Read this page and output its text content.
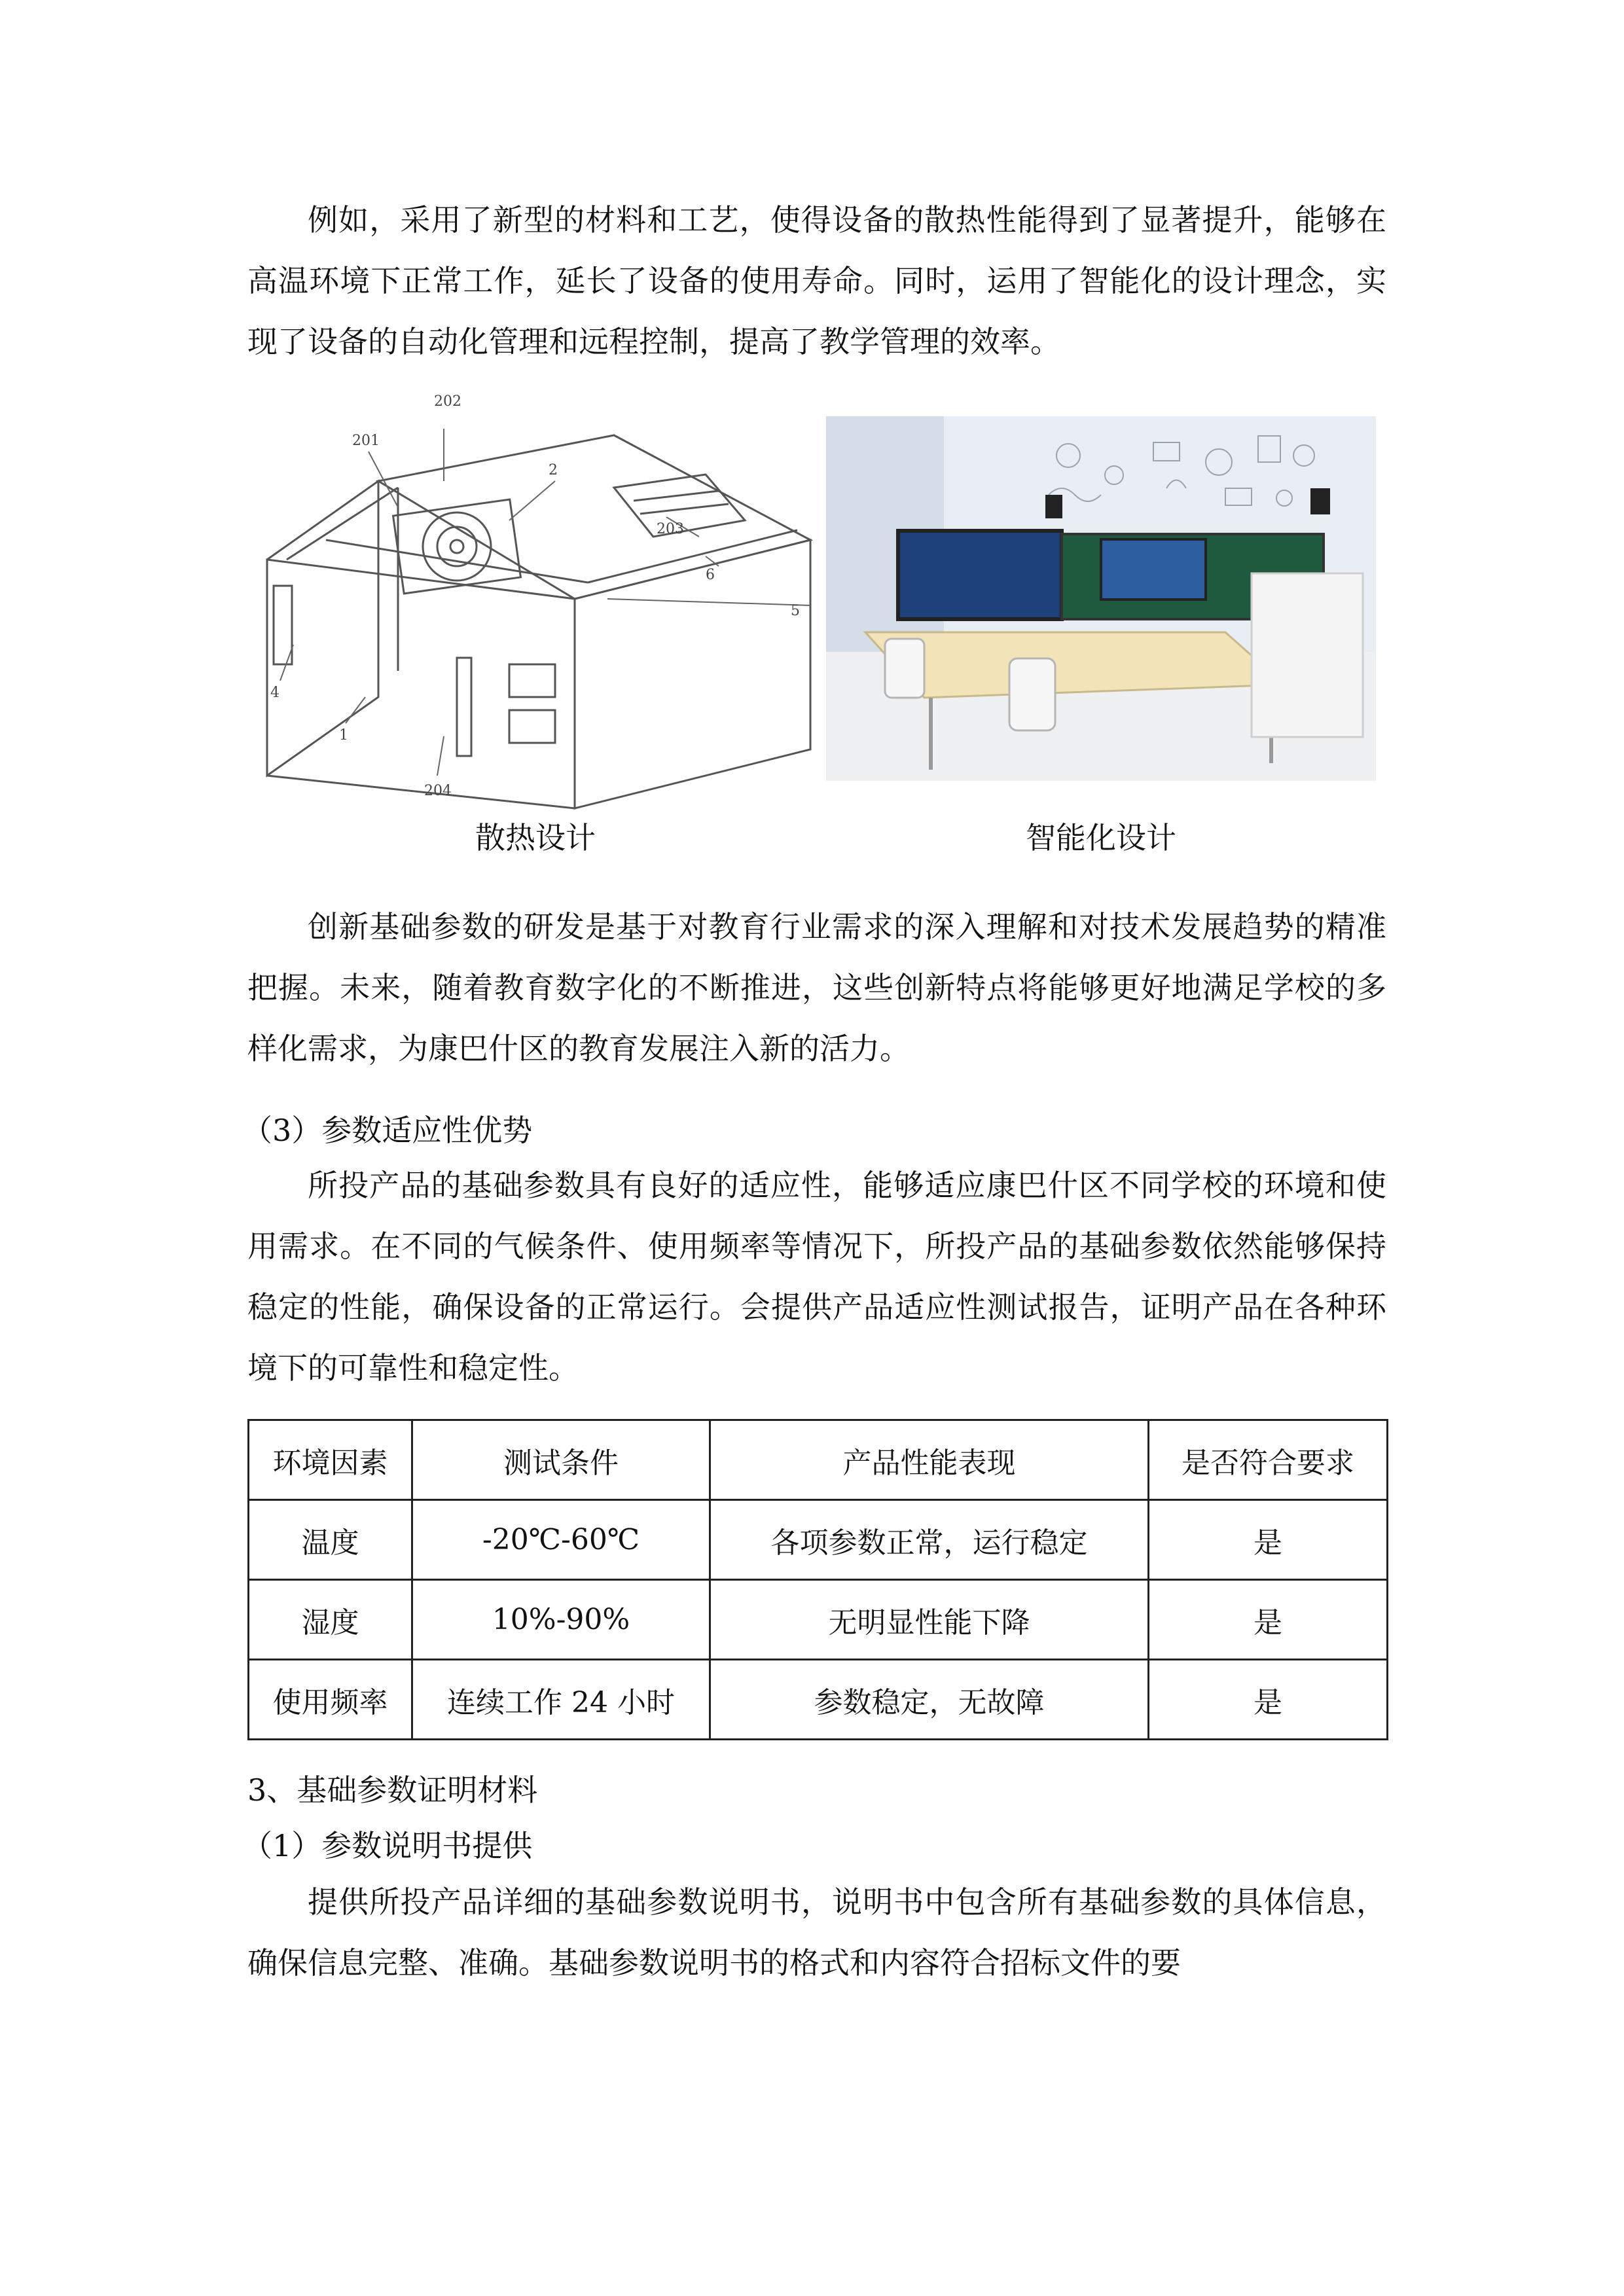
例如，采用了新型的材料和工艺，使得设备的散热性能得到了显著提升，能够在高温环境下正常工作，延长了设备的使用寿命。同时，运用了智能化的设计理念，实现了设备的自动化管理和远程控制，提高了教学管理的效率。

202
201
2
203
6
5
4
1
204
散热设计	智能化设计

创新基础参数的研发是基于对教育行业需求的深入理解和对技术发展趋势的精准把握。未来，随着教育数字化的不断推进，这些创新特点将能够更好地满足学校的多样化需求，为康巴什区的教育发展注入新的活力。

（3）参数适应性优势

所投产品的基础参数具有良好的适应性，能够适应康巴什区不同学校的环境和使用需求。在不同的气候条件、使用频率等情况下，所投产品的基础参数依然能够保持稳定的性能，确保设备的正常运行。会提供产品适应性测试报告，证明产品在各种环境下的可靠性和稳定性。

环境因素	测试条件	产品性能表现	是否符合要求
温度	-20℃-60℃	各项参数正常，运行稳定	是
湿度	10%-90%	无明显性能下降	是
使用频率	连续工作 24 小时	参数稳定，无故障	是

3、基础参数证明材料

（1）参数说明书提供

提供所投产品详细的基础参数说明书，说明书中包含所有基础参数的具体信息，确保信息完整、准确。基础参数说明书的格式和内容符合招标文件的要
